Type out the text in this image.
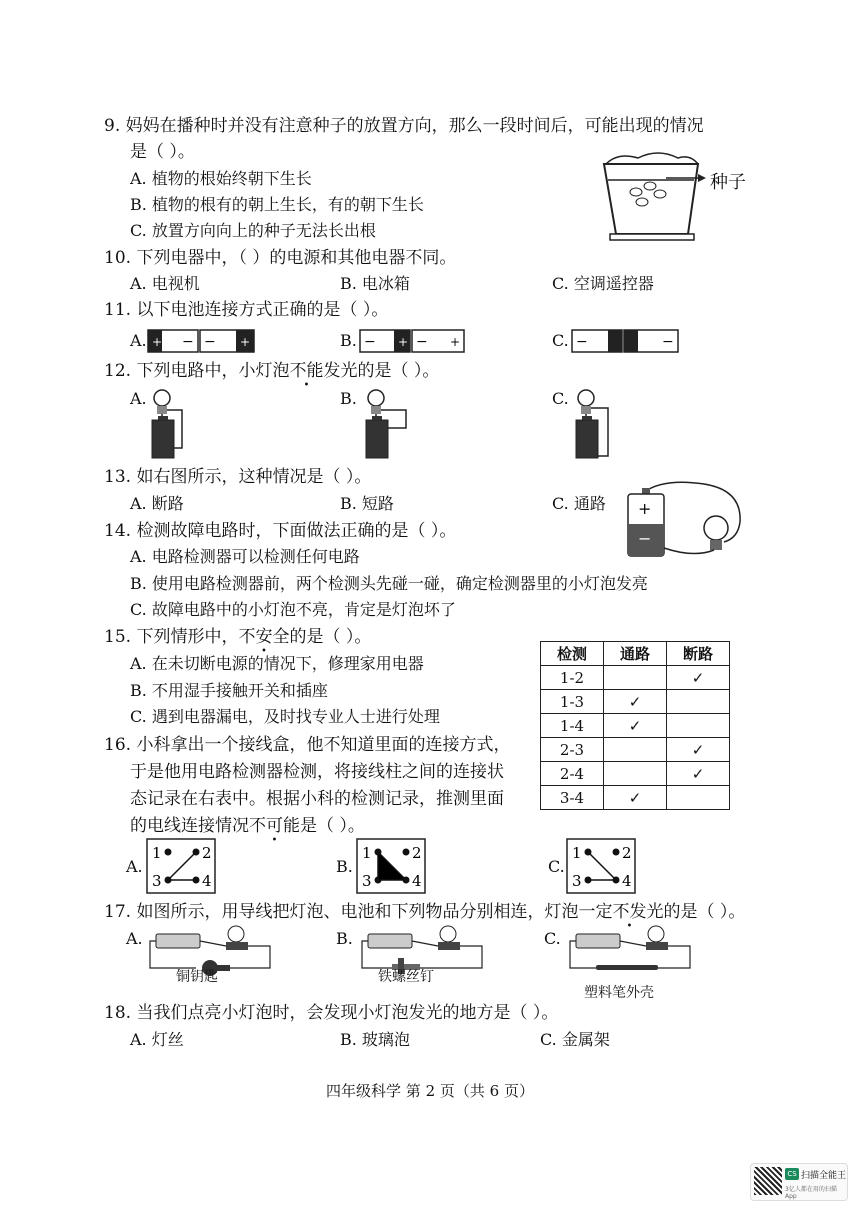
9. 妈妈在播种时并没有注意种子的放置方向，那么一段时间后，可能出现的情况
是（ ）。
A. 植物的根始终朝下生长
B. 植物的根有的朝上生长，有的朝下生长
C. 放置方向向上的种子无法长出根
种子
10. 下列电器中，（ ）的电源和其他电器不同。
A. 电视机	B. 电冰箱	C. 空调遥控器
11. 以下电池连接方式正确的是（ ）。
A. + − − +	B. − + − +	C. −	−
12. 下列电路中，小灯泡不能发光的是（ ）。
A.	B.	C.
13. 如右图所示，这种情况是（ ）。
A. 断路	B. 短路	C. 通路 +
−
14. 检测故障电路时，下面做法正确的是（ ）。
A. 电路检测器可以检测任何电路
B. 使用电路检测器前，两个检测头先碰一碰，确定检测器里的小灯泡发亮
C. 故障电路中的小灯泡不亮，肯定是灯泡坏了
15. 下列情形中，不安全的是（ ）。
A. 在未切断电源的情况下，修理家用电器
B. 不用湿手接触开关和插座
C. 遇到电器漏电，及时找专业人士进行处理
检测	通路	断路
1-2		✓
1-3	✓	
1-4	✓	
2-3		✓
2-4		✓
3-4	✓	
16. 小科拿出一个接线盒，他不知道里面的连接方式，
于是他用电路检测器检测，将接线柱之间的连接状
态记录在右表中。根据小科的检测记录，推测里面
的电线连接情况不可能是（ ）。
A.	B.	C.
1	2
3	4
1	2
3	4
1	2
3	4
17. 如图所示，用导线把灯泡、电池和下列物品分别相连，灯泡一定不发光的是（ ）。
A.	B.	C.
铜钥匙	铁螺丝钉
塑料笔外壳
18. 当我们点亮小灯泡时，会发现小灯泡发光的地方是（ ）。
A. 灯丝	B. 玻璃泡	C. 金属架
四年级科学 第 2 页（共 6 页）
CS 扫描全能王
3亿人都在用的扫描App
